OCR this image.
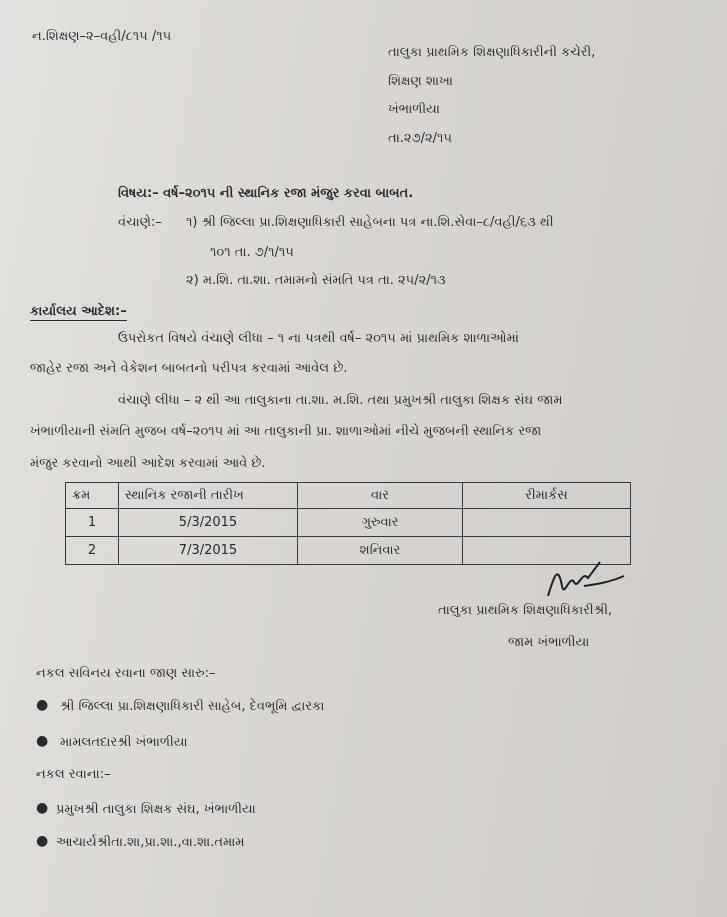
ન.શિક્ષણ–૨–વહી/૮૧૫ /૧૫
તાલુકા પ્રાથમિક શિક્ષણાધિકારીની કચેરી,
શિક્ષણ શાખા
ખંભાળીયા
તા.૨૭/૨/૧૫
વિષય:– વર્ષ–૨૦૧૫ ની સ્થાનિક રજા મંજુર કરવા બાબત.
વંચાણે:– ૧) શ્રી જિલ્લા પ્રા.શિક્ષણાધિકારી સાહેબના પત્ર ના.શિ.સેવા–૮/વહી/૬૩ થી
૧૦૧ તા. ૭/૧/૧૫
૨) મ.શિ. તા.શા. તમામનો સંમતિ પત્ર તા. ૨૫/૨/૧૩
કાર્યાલય આદેશ:–
ઉપરોકત વિષયે વંચાણે લીધા – ૧ ના પત્રથી વર્ષ– ૨૦૧૫ માં પ્રાથમિક શાળાઓમાં
જાહેર રજા અને વેકેશન બાબતનો પરીપત્ર કરવામાં આવેલ છે.
વંચાણે લીધા – ૨ થી આ તાલુકાના તા.શા. મ.શિ. તથા પ્રમુખશ્રી તાલુકા શિક્ષક સંઘ જામ
ખંભાળીયાની સંમતિ મુજબ વર્ષ–૨૦૧૫ માં આ તાલુકાની પ્રા. શાળાઓમાં નીચે મુજબની સ્થાનિક રજા
મંજુર કરવાનો આથી આદેશ કરવામાં આવે છે.
ક્રમ	સ્થાનિક રજાની તારીખ	વાર	રીમાર્કસ
1	5/3/2015	ગુરુવાર	
2	7/3/2015	શનિવાર	
તાલુકા પ્રાથમિક શિક્ષણાધિકારીશ્રી,
જામ ખંભાળીયા
નકલ સવિનય રવાના જાણ સારુ:–
● શ્રી જિલ્લા પ્રા.શિક્ષણાધિકારી સાહેબ, દેવભૂમિ દ્વારકા
● મામલતદારશ્રી ખંભાળીયા
નકલ રવાના:–
● પ્રમુખશ્રી તાલુકા શિક્ષક સંઘ, ખંભાળીયા
● આચાર્યશ્રીતા.શા,પ્રા.શા.,વા.શા.તમામ
